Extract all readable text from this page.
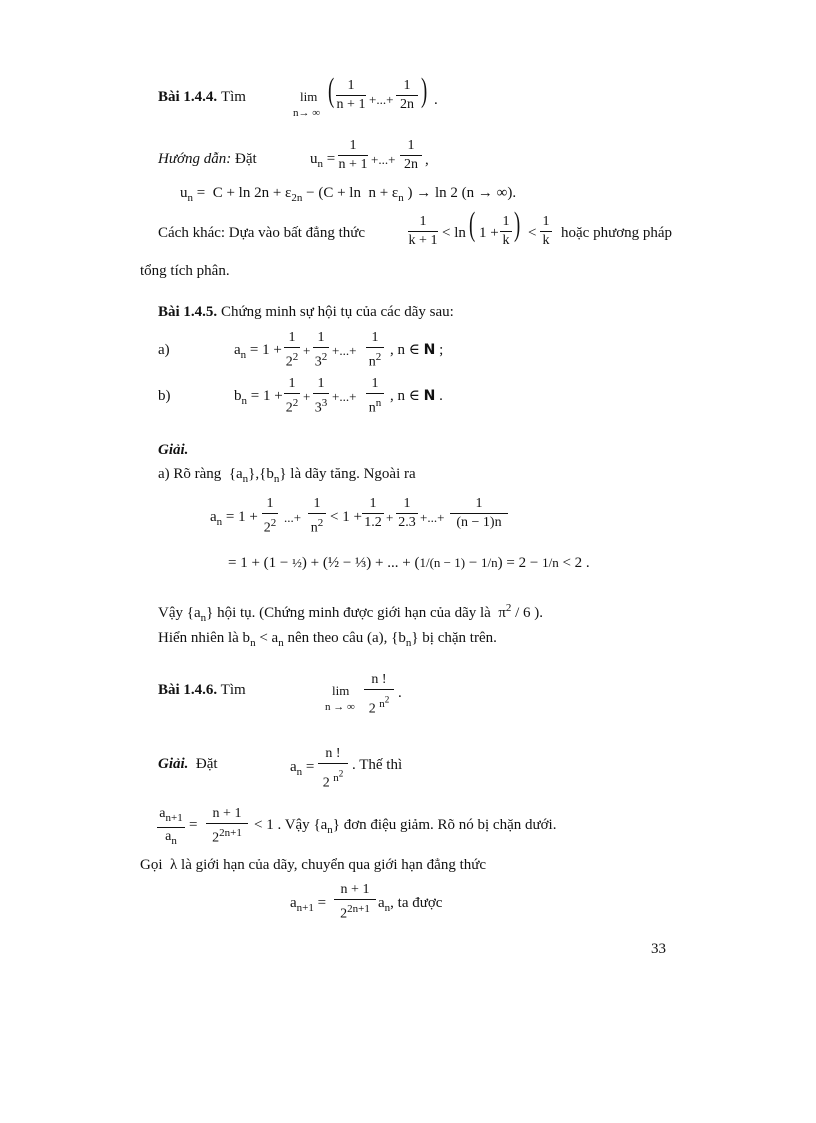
Bài 1.4.4. Tìm	lim
n→ ∞
( 1
n + 1 +...+
1
2n ) .
Hướng dẫn: Đặt	$u_n$ =
1
n + 1 +...+
1
2n ,
$u_n = C + \ln 2n + \varepsilon_{2n} - (C + \ln n + \varepsilon_n$ ) → ln 2 (n → ∞).
Cách khác: Dựa vào bất đẳng thức
1
k + 1 < ln ( 1 +
1
k ) <
1
k hoặc phương pháp
tổng tích phân.
Bài 1.4.5. Chứng minh sự hội tụ của các dãy sau:
a)	$a_n = 1$ +
1
$2^2$ +
1
$3^2$ +...+
1
$n^2$ , n ∈ N ;
b)	$b_n = 1$ +
1
$2^2$ +
1
$3^3$ +...+
1
$n^n$ , n ∈ N .
Giải.
a) Rõ ràng  $\{a_n\},\{b_n\}$ là dãy tăng. Ngoài ra
$a_n = 1$ +
1
$2^2$ ...+
1
$n^2 < 1$ +
1
1.2 +
1
2.3 +...+
1
(n − 1)n
= 1 + (1 − ½) + (½ − ⅓) + ... + (1/(n − 1) − 1/n) = 2 − 1/n < 2 .
Vậy $\{a_n\}$ hội tụ. (Chứng minh được giới hạn của dãy là  $\pi^2 / 6$ ).
Hiển nhiên là $b_n < a_n$ nên theo câu (a), $\{b_n\}$ bị chặn trên.
Bài 1.4.6. Tìm	lim
n → ∞
n !
2 $^{n^2}$ .
Giải. Đặt	$a_n$ =
n !
2 $^{n^2}$ . Thế thì
$a_{n+1}$
$a_n$
=
n + 1
$2^{2n+1} < 1$ . Vậy $\{a_n\}$ đơn điệu giảm. Rõ nó bị chặn dưới.
Gọi  λ là giới hạn của dãy, chuyển qua giới hạn đẳng thức
$a_{n+1}$ =
n + 1
$2^{2n+1}$ $a_n$, ta được
33
